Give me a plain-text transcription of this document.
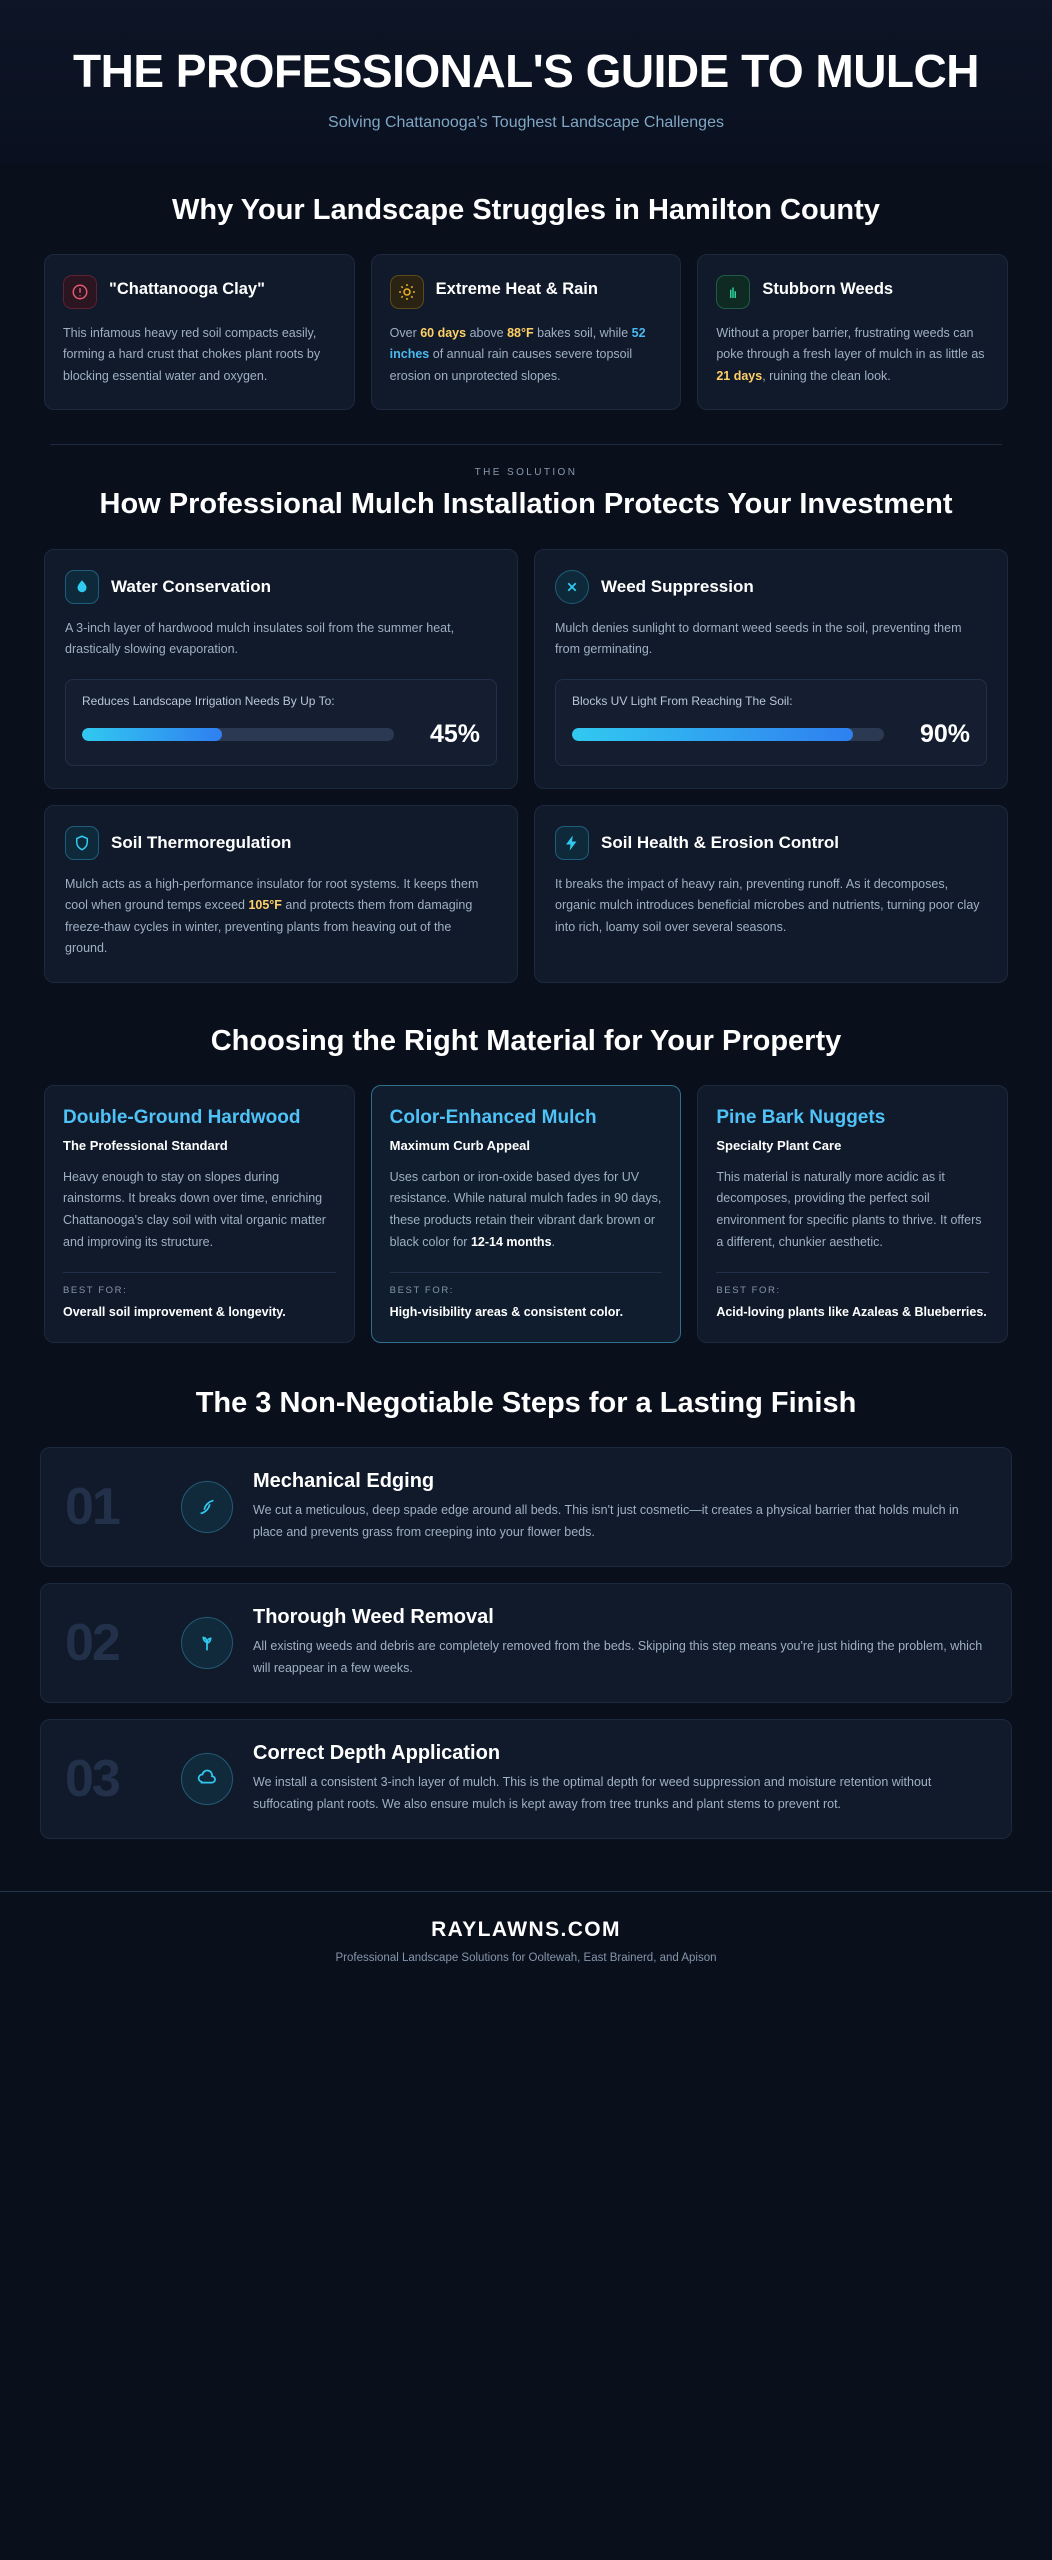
THE PROFESSIONAL'S GUIDE TO MULCH
Solving Chattanooga's Toughest Landscape Challenges
Why Your Landscape Struggles in Hamilton County
"Chattanooga Clay"
This infamous heavy red soil compacts easily, forming a hard crust that chokes plant roots by blocking essential water and oxygen.
Extreme Heat & Rain
Over 60 days above 88°F bakes soil, while 52 inches of annual rain causes severe topsoil erosion on unprotected slopes.
Stubborn Weeds
Without a proper barrier, frustrating weeds can poke through a fresh layer of mulch in as little as 21 days, ruining the clean look.
THE SOLUTION
How Professional Mulch Installation Protects Your Investment
Water Conservation
A 3-inch layer of hardwood mulch insulates soil from the summer heat, drastically slowing evaporation.
Reduces Landscape Irrigation Needs By Up To:
45%
Weed Suppression
Mulch denies sunlight to dormant weed seeds in the soil, preventing them from germinating.
Blocks UV Light From Reaching The Soil:
90%
Soil Thermoregulation
Mulch acts as a high-performance insulator for root systems. It keeps them cool when ground temps exceed 105°F and protects them from damaging freeze-thaw cycles in winter, preventing plants from heaving out of the ground.
Soil Health & Erosion Control
It breaks the impact of heavy rain, preventing runoff. As it decomposes, organic mulch introduces beneficial microbes and nutrients, turning poor clay into rich, loamy soil over several seasons.
Choosing the Right Material for Your Property
Double-Ground Hardwood
The Professional Standard
Heavy enough to stay on slopes during rainstorms. It breaks down over time, enriching Chattanooga's clay soil with vital organic matter and improving its structure.
BEST FOR:
Overall soil improvement & longevity.
Color-Enhanced Mulch
Maximum Curb Appeal
Uses carbon or iron-oxide based dyes for UV resistance. While natural mulch fades in 90 days, these products retain their vibrant dark brown or black color for 12-14 months.
BEST FOR:
High-visibility areas & consistent color.
Pine Bark Nuggets
Specialty Plant Care
This material is naturally more acidic as it decomposes, providing the perfect soil environment for specific plants to thrive. It offers a different, chunkier aesthetic.
BEST FOR:
Acid-loving plants like Azaleas & Blueberries.
The 3 Non-Negotiable Steps for a Lasting Finish
01	Mechanical Edging

We cut a meticulous, deep spade edge around all beds. This isn't just cosmetic—it creates a physical barrier that holds mulch in place and prevents grass from creeping into your flower beds.

02	Thorough Weed Removal

All existing weeds and debris are completely removed from the beds. Skipping this step means you're just hiding the problem, which will reappear in a few weeks.

03	Correct Depth Application

We install a consistent 3-inch layer of mulch. This is the optimal depth for weed suppression and moisture retention without suffocating plant roots. We also ensure mulch is kept away from tree trunks and plant stems to prevent rot.

RAYLAWNS.COM
Professional Landscape Solutions for Ooltewah, East Brainerd, and Apison
